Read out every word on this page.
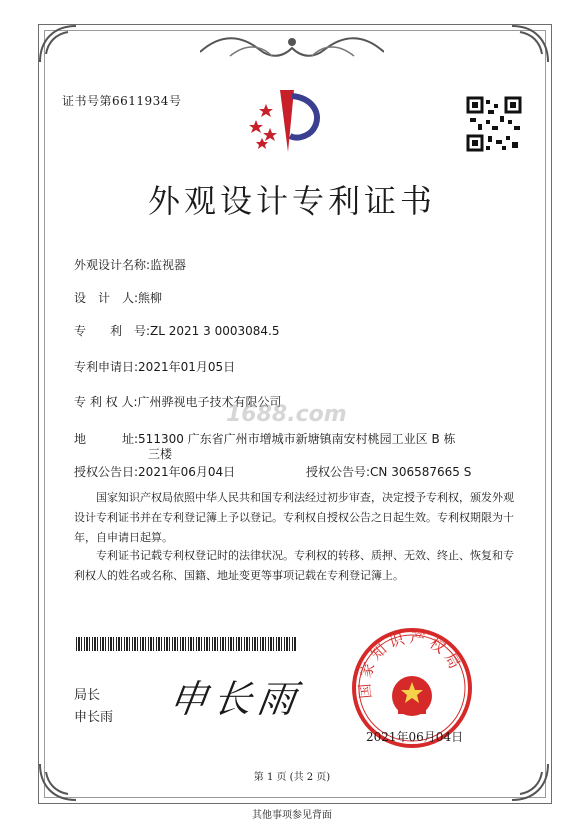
证书号第6611934号
外观设计专利证书
外观设计名称:监视器
设　计　人:熊柳
专　　利　号:ZL 2021 3 0003084.5
专利申请日:2021年01月05日
专 利 权 人:广州骅视电子技术有限公司
1688.com
地　　　址:511300 广东省广州市增城市新塘镇南安村桃园工业区 B 栋
三楼
授权公告日:2021年06月04日	授权公告号:CN 306587665 S
国家知识产权局依照中华人民共和国专利法经过初步审查，决定授予专利权，颁发外观设计专利证书并在专利登记簿上予以登记。专利权自授权公告之日起生效。专利权期限为十年，自申请日起算。
专利证书记载专利权登记时的法律状况。专利权的转移、质押、无效、终止、恢复和专利权人的姓名或名称、国籍、地址变更等事项记载在专利登记簿上。
局长
申长雨 申长雨	国家知识产权局
2021年06月04日
第 1 页 (共 2 页)
其他事项参见背面
